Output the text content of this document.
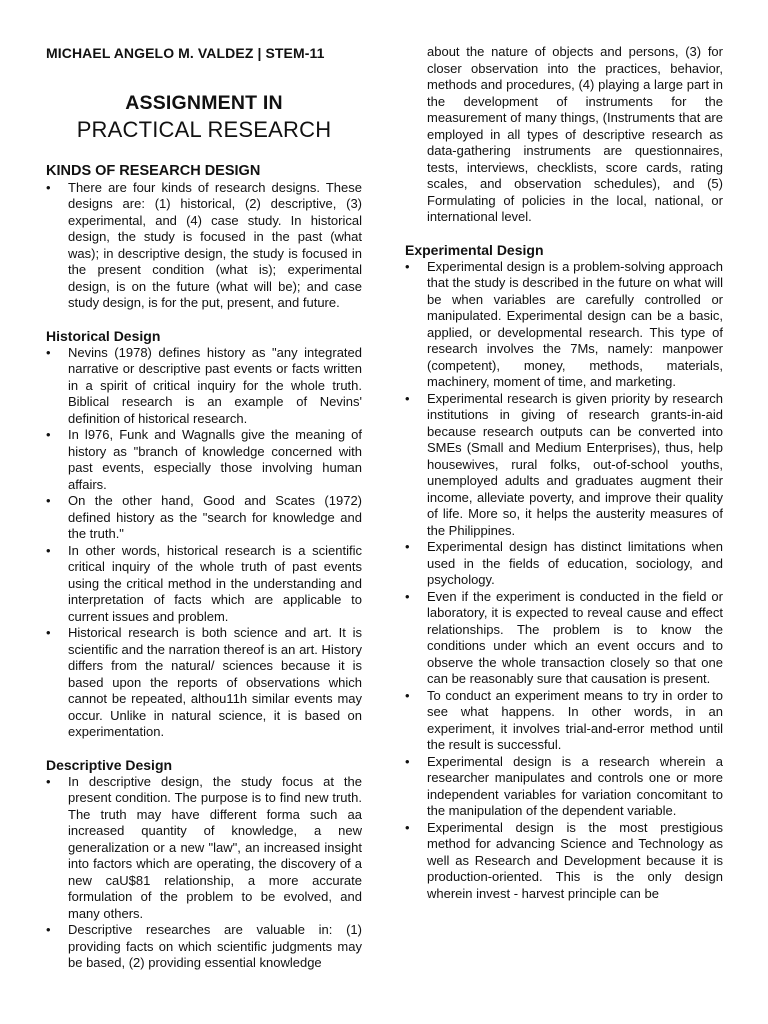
MICHAEL ANGELO M. VALDEZ | STEM-11
ASSIGNMENT IN
PRACTICAL RESEARCH
KINDS OF RESEARCH DESIGN
• There are four kinds of research designs. These designs are: (1) historical, (2) descriptive, (3) experimental, and (4) case study. In historical design, the study is focused in the past (what was); in descriptive design, the study is focused in the present condition (what is); experimental design, is on the future (what will be); and case study design, is for the put, present, and future.
Historical Design
• Nevins (1978) defines history as "any integrated narrative or descriptive past events or facts written in a spirit of critical inquiry for the whole truth. Biblical research is an example of Nevins' definition of historical research.
• In l976, Funk and Wagnalls give the meaning of history as "branch of knowledge concerned with past events, especially those involving human affairs.
• On the other hand, Good and Scates (1972) defined history as the "search for knowledge and the truth."
• In other words, historical research is a scientific critical inquiry of the whole truth of past events using the critical method in the understanding and interpretation of facts which are applicable to current issues and problem.
• Historical research is both science and art. It is scientific and the narration thereof is an art. History differs from the natural/ sciences because it is based upon the reports of observations which cannot be repeated, althou11h similar events may occur. Unlike in natural science, it is based on experimentation.
Descriptive Design
• In descriptive design, the study focus at the present condition. The purpose is to find new truth. The truth may have different forma such aa increased quantity of knowledge, a new generalization or a new "law", an increased insight into factors which are operating, the discovery of a new caU$81 relationship, a more accurate formulation of the problem to be evolved, and many others.
• Descriptive researches are valuable in: (1) providing facts on which scientific judgments may be based, (2) providing essential knowledge
about the nature of objects and persons, (3) for closer observation into the practices, behavior, methods and procedures, (4) playing a large part in the development of instruments for the measurement of many things, (Instruments that are employed in all types of descriptive research as data-gathering instruments are questionnaires, tests, interviews, checklists, score cards, rating scales, and observation schedules), and (5) Formulating of policies in the local, national, or international level.
Experimental Design
• Experimental design is a problem-solving approach that the study is described in the future on what will be when variables are carefully controlled or manipulated. Experimental design can be a basic, applied, or developmental research. This type of research involves the 7Ms, namely: manpower (competent), money, methods, materials, machinery, moment of time, and marketing.
• Experimental research is given priority by research institutions in giving of research grants-in-aid because research outputs can be converted into SMEs (Small and Medium Enterprises), thus, help housewives, rural folks, out-of-school youths, unemployed adults and graduates augment their income, alleviate poverty, and improve their quality of life. More so, it helps the austerity measures of the Philippines.
• Experimental design has distinct limitations when used in the fields of education, sociology, and psychology.
• Even if the experiment is conducted in the field or laboratory, it is expected to reveal cause and effect relationships. The problem is to know the conditions under which an event occurs and to observe the whole transaction closely so that one can be reasonably sure that causation is present.
• To conduct an experiment means to try in order to see what happens. In other words, in an experiment, it involves trial-and-error method until the result is successful.
• Experimental design is a research wherein a researcher manipulates and controls one or more independent variables for variation concomitant to the manipulation of the dependent variable.
• Experimental design is the most prestigious method for advancing Science and Technology as well as Research and Development because it is production-oriented. This is the only design wherein invest - harvest principle can be
